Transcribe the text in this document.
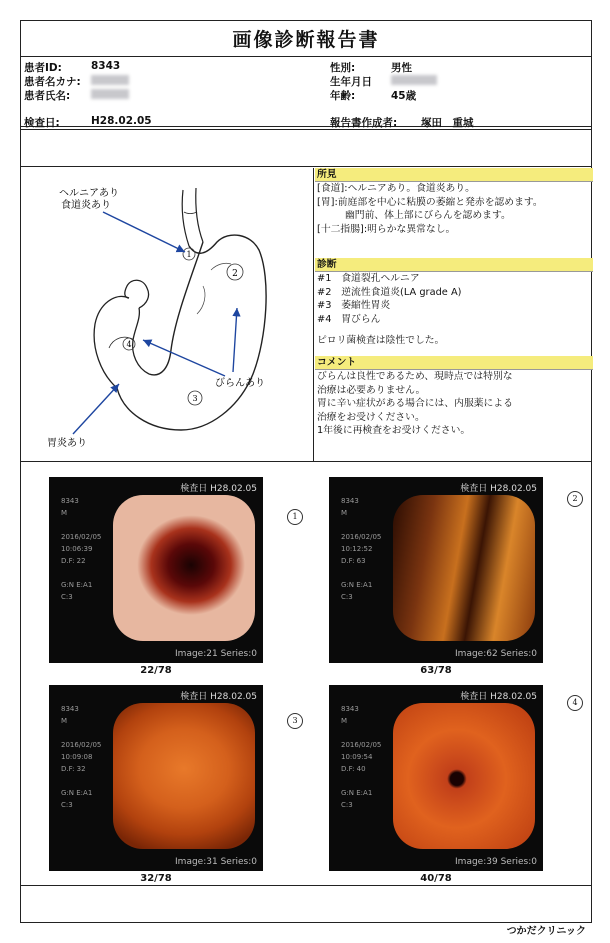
画像診断報告書
患者ID:	8343	性別:	男性
患者名カナ:	生年月日
患者氏名:	年齢:	45歳
検査日:	H28.02.05	報告書作成者: 塚田　重城
1
2
3
4
ヘルニアあり
食道炎あり
びらんあり
胃炎あり
所見
[食道]:ヘルニアあり。食道炎あり。
[胃]:前庭部を中心に粘膜の萎縮と発赤を認めます。
幽門前、体上部にびらんを認めます。
[十二指腸]:明らかな異常なし。
診断
#1　食道裂孔ヘルニア
#2　逆流性食道炎(LA grade A)
#3　萎縮性胃炎
#4　胃びらん
ピロリ菌検査は陰性でした。
コメント
びらんは良性であるため、現時点では特別な
治療は必要ありません。
胃に辛い症状がある場合には、内服薬による
治療をお受けください。
1年後に再検査をお受けください。
検査日 H28.02.05
8343
M

2016/02/05
10:06:39
D.F: 22

G:N E:A1
C:3
Image:21 Series:0
1
22/78
検査日 H28.02.05
8343
M

2016/02/05
10:12:52
D.F: 63

G:N E:A1
C:3
Image:62 Series:0
2
63/78
検査日 H28.02.05
8343
M

2016/02/05
10:09:08
D.F: 32

G:N E:A1
C:3
Image:31 Series:0
3
32/78
検査日 H28.02.05
8343
M

2016/02/05
10:09:54
D.F: 40

G:N E:A1
C:3
Image:39 Series:0
4
40/78
つかだクリニック
